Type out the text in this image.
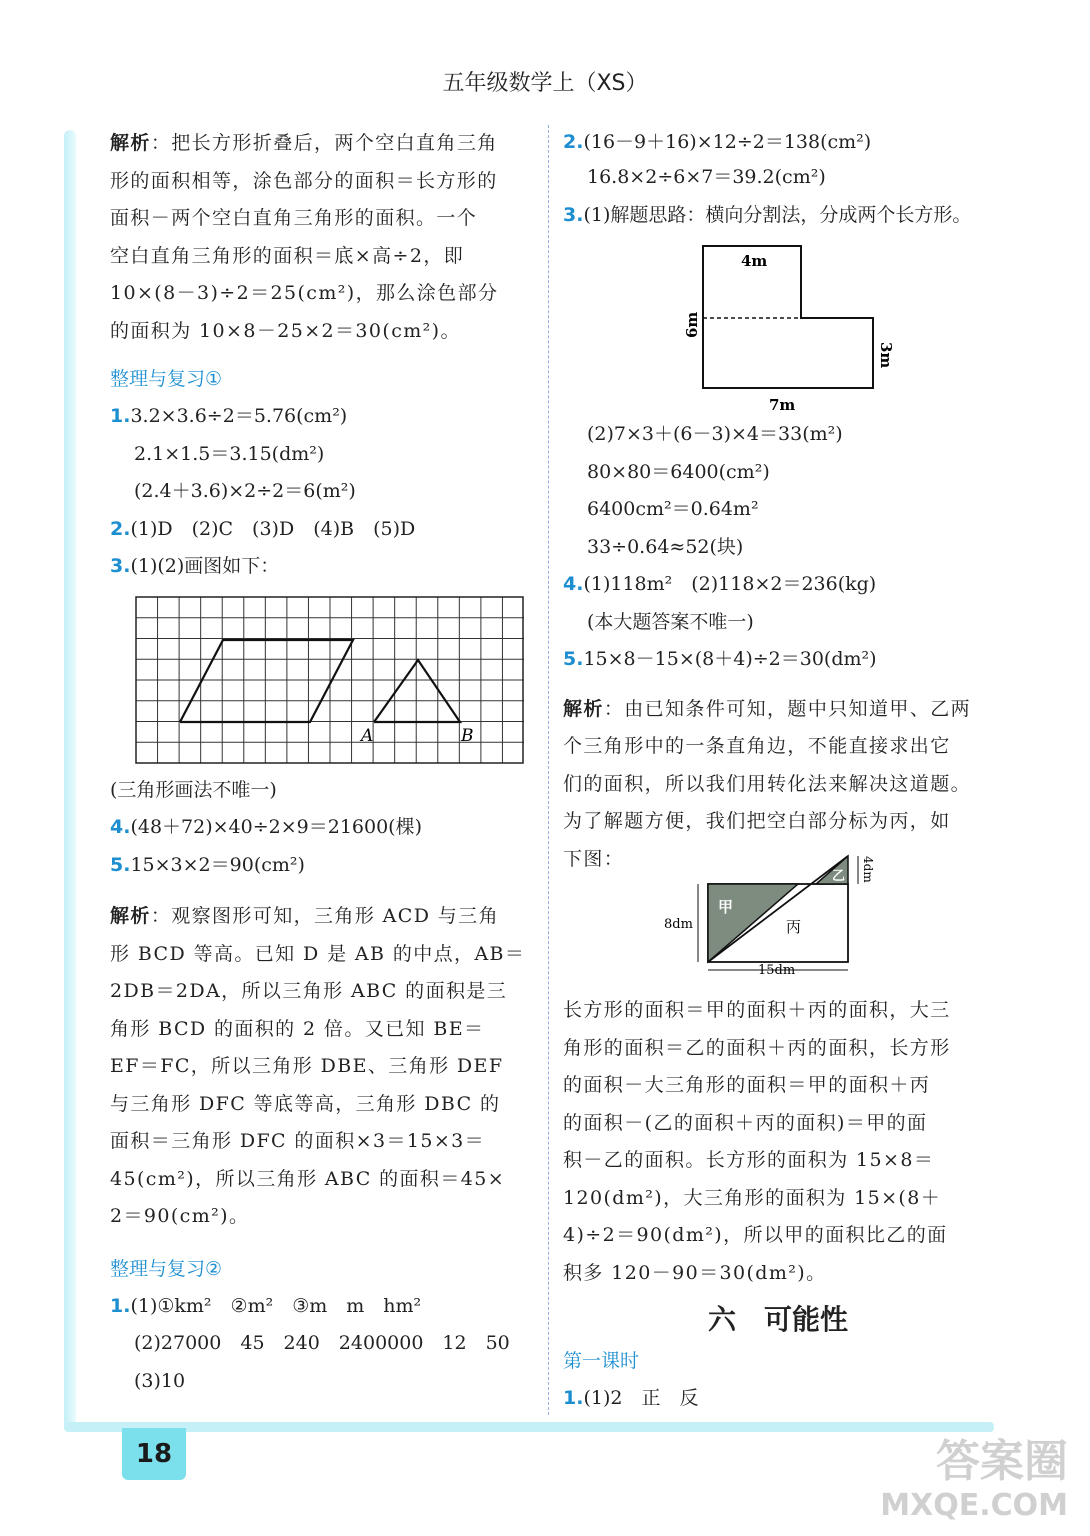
五年级数学上（XS）
解析：把长方形折叠后，两个空白直角三角
形的面积相等，涂色部分的面积＝长方形的
面积－两个空白直角三角形的面积。一个
空白直角三角形的面积＝底×高÷2，即
10×(8－3)÷2＝25(cm²)，那么涂色部分
的面积为 10×8－25×2＝30(cm²)。
整理与复习①
1.3.2×3.6÷2＝5.76(cm²)
2.1×1.5＝3.15(dm²)
(2.4＋3.6)×2÷2＝6(m²)
2.(1)D　(2)C　(3)D　(4)B　(5)D
3.(1)(2)画图如下：
A	B
(三角形画法不唯一)
4.(48＋72)×40÷2×9＝21600(棵)
5.15×3×2＝90(cm²)
解析：观察图形可知，三角形 ACD 与三角
形 BCD 等高。已知 D 是 AB 的中点，AB＝
2DB＝2DA，所以三角形 ABC 的面积是三
角形 BCD 的面积的 2 倍。又已知 BE＝
EF＝FC，所以三角形 DBE、三角形 DEF
与三角形 DFC 等底等高，三角形 DBC 的
面积＝三角形 DFC 的面积×3＝15×3＝
45(cm²)，所以三角形 ABC 的面积＝45×
2＝90(cm²)。
整理与复习②
1.(1)①km²　②m²　③m　m　hm²
(2)27000　45　240　2400000　12　50
(3)10
2.(16－9＋16)×12÷2＝138(cm²)
16.8×2÷6×7＝39.2(cm²)
3.(1)解题思路：横向分割法，分成两个长方形。
4m
6m
3m
7m
(2)7×3＋(6－3)×4＝33(m²)
80×80＝6400(cm²)
6400cm²＝0.64m²
33÷0.64≈52(块)
4.(1)118m²　(2)118×2＝236(kg)
(本大题答案不唯一)
5.15×8－15×(8＋4)÷2＝30(dm²)
解析：由已知条件可知，题中只知道甲、乙两
个三角形中的一条直角边，不能直接求出它
们的面积，所以我们用转化法来解决这道题。
为了解题方便，我们把空白部分标为丙，如
下图：
甲
乙
丙
8dm
15dm
4dm
长方形的面积＝甲的面积＋丙的面积，大三
角形的面积＝乙的面积＋丙的面积，长方形
的面积－大三角形的面积＝甲的面积＋丙
的面积－(乙的面积＋丙的面积)＝甲的面
积－乙的面积。长方形的面积为 15×8＝
120(dm²)，大三角形的面积为 15×(8＋
4)÷2＝90(dm²)，所以甲的面积比乙的面
积多 120－90＝30(dm²)。
六　可能性
第一课时
1.(1)2　正　反
18	答案圈
MXQE.COM
